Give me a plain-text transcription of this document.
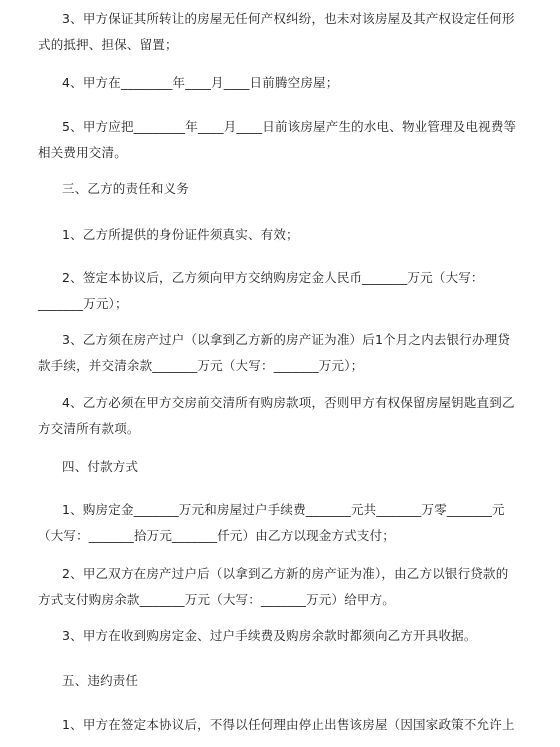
3、甲方保证其所转让的房屋无任何产权纠纷，也未对该房屋及其产权设定任何形式的抵押、担保、留置；

4、甲方在________年____月____日前腾空房屋；

5、甲方应把________年____月____日前该房屋产生的水电、物业管理及电视费等相关费用交清。

三、乙方的责任和义务

1、乙方所提供的身份证件须真实、有效；

2、签定本协议后，乙方须向甲方交纳购房定金人民币_______万元（大写：_______万元）；

3、乙方须在房产过户（以拿到乙方新的房产证为准）后1个月之内去银行办理贷款手续，并交清余款_______万元（大写：_______万元）；

4、乙方必须在甲方交房前交清所有购房款项，否则甲方有权保留房屋钥匙直到乙方交清所有款项。

四、付款方式

1、购房定金_______万元和房屋过户手续费_______元共_______万零_______元（大写：_______拾万元_______仟元）由乙方以现金方式支付；

2、甲乙双方在房产过户后（以拿到乙方新的房产证为准），由乙方以银行贷款的方式支付购房余款_______万元（大写：_______万元）给甲方。

3、甲方在收到购房定金、过户手续费及购房余款时都须向乙方开具收据。

五、违约责任

1、甲方在签定本协议后，不得以任何理由停止出售该房屋（因国家政策不允许上
